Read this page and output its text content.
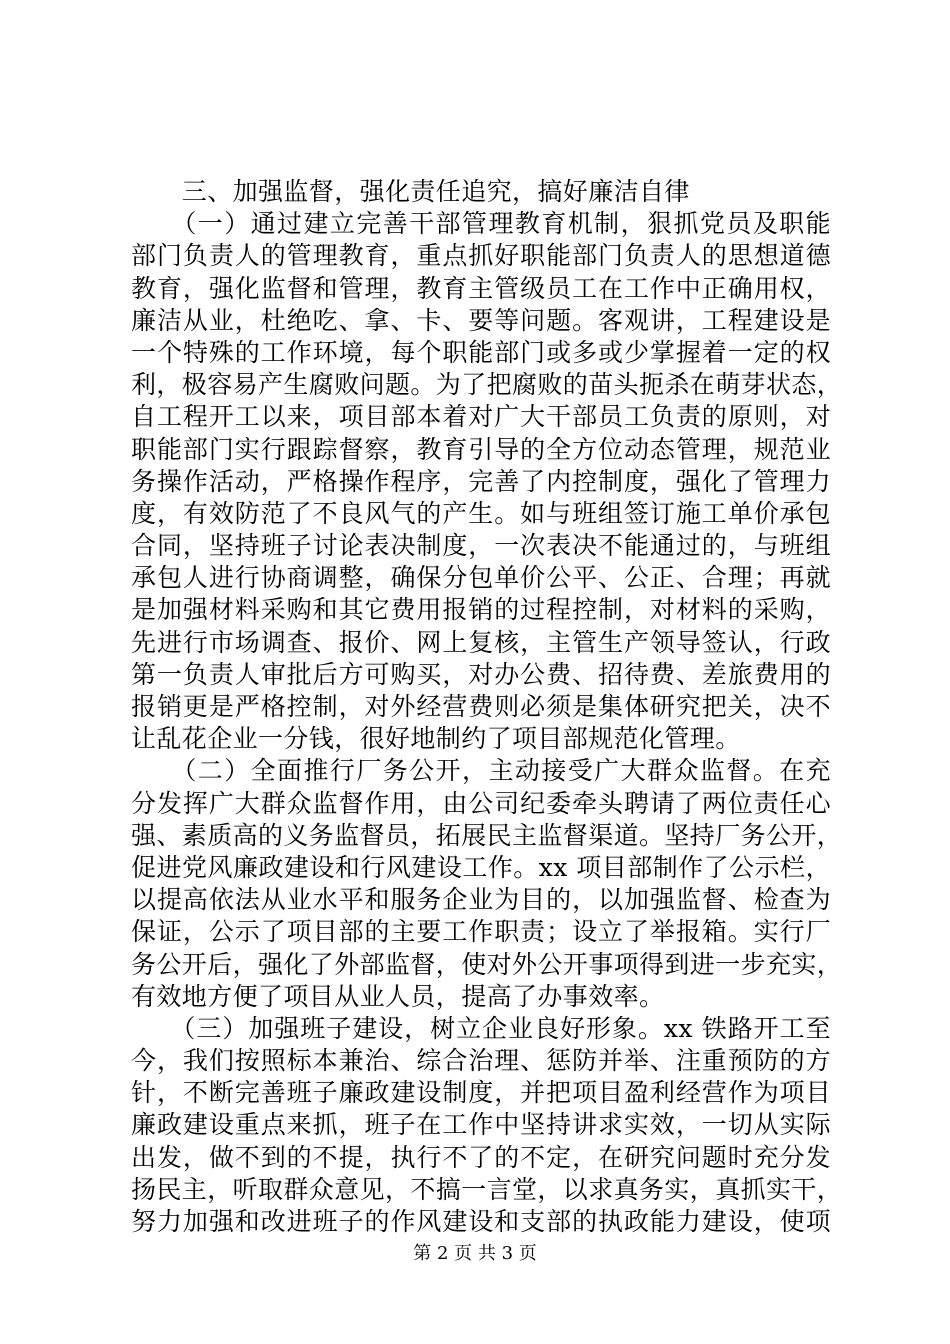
　　三、加强监督，强化责任追究，搞好廉洁自律
　　（一）通过建立完善干部管理教育机制，狠抓党员及职能
部门负责人的管理教育，重点抓好职能部门负责人的思想道德
教育，强化监督和管理，教育主管级员工在工作中正确用权，
廉洁从业，杜绝吃、拿、卡、要等问题。客观讲，工程建设是
一个特殊的工作环境，每个职能部门或多或少掌握着一定的权
利，极容易产生腐败问题。为了把腐败的苗头扼杀在萌芽状态，
自工程开工以来，项目部本着对广大干部员工负责的原则，对
职能部门实行跟踪督察，教育引导的全方位动态管理，规范业
务操作活动，严格操作程序，完善了内控制度，强化了管理力
度，有效防范了不良风气的产生。如与班组签订施工单价承包
合同，坚持班子讨论表决制度，一次表决不能通过的，与班组
承包人进行协商调整，确保分包单价公平、公正、合理；再就
是加强材料采购和其它费用报销的过程控制，对材料的采购，
先进行市场调查、报价、网上复核，主管生产领导签认，行政
第一负责人审批后方可购买，对办公费、招待费、差旅费用的
报销更是严格控制，对外经营费则必须是集体研究把关，决不
让乱花企业一分钱，很好地制约了项目部规范化管理。
　　（二）全面推行厂务公开，主动接受广大群众监督。在充
分发挥广大群众监督作用，由公司纪委牵头聘请了两位责任心
强、素质高的义务监督员，拓展民主监督渠道。坚持厂务公开，
促进党风廉政建设和行风建设工作。xx 项目部制作了公示栏，
以提高依法从业水平和服务企业为目的，以加强监督、检查为
保证，公示了项目部的主要工作职责；设立了举报箱。实行厂
务公开后，强化了外部监督，使对外公开事项得到进一步充实，
有效地方便了项目从业人员，提高了办事效率。
　　（三）加强班子建设，树立企业良好形象。xx 铁路开工至
今，我们按照标本兼治、综合治理、惩防并举、注重预防的方
针，不断完善班子廉政建设制度，并把项目盈利经营作为项目
廉政建设重点来抓，班子在工作中坚持讲求实效，一切从实际
出发，做不到的不提，执行不了的不定，在研究问题时充分发
扬民主，听取群众意见，不搞一言堂，以求真务实，真抓实干，
努力加强和改进班子的作风建设和支部的执政能力建设，使项
第 2 页 共 3 页
